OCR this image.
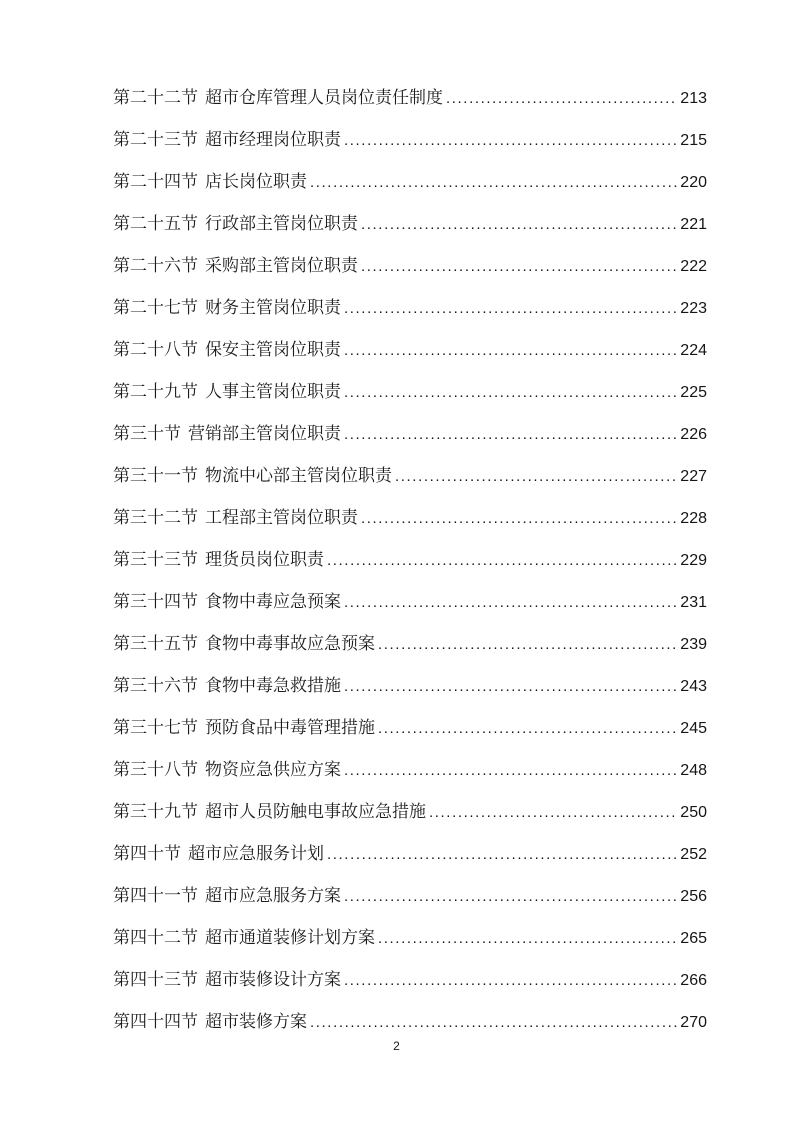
第二十二节 超市仓库管理人员岗位责任制度 .....	213
第二十三节 超市经理岗位职责 .....	215
第二十四节 店长岗位职责 .....	220
第二十五节 行政部主管岗位职责 .....	221
第二十六节 采购部主管岗位职责 .....	222
第二十七节 财务主管岗位职责 .....	223
第二十八节 保安主管岗位职责 .....	224
第二十九节 人事主管岗位职责 .....	225
第三十节 营销部主管岗位职责 .....	226
第三十一节 物流中心部主管岗位职责 .....	227
第三十二节 工程部主管岗位职责 .....	228
第三十三节 理货员岗位职责 .....	229
第三十四节 食物中毒应急预案 .....	231
第三十五节 食物中毒事故应急预案 .....	239
第三十六节 食物中毒急救措施 .....	243
第三十七节 预防食品中毒管理措施 .....	245
第三十八节 物资应急供应方案 .....	248
第三十九节 超市人员防触电事故应急措施 .....	250
第四十节 超市应急服务计划 .....	252
第四十一节 超市应急服务方案 .....	256
第四十二节 超市通道装修计划方案 .....	265
第四十三节 超市装修设计方案 .....	266
第四十四节 超市装修方案 .....	270
2
